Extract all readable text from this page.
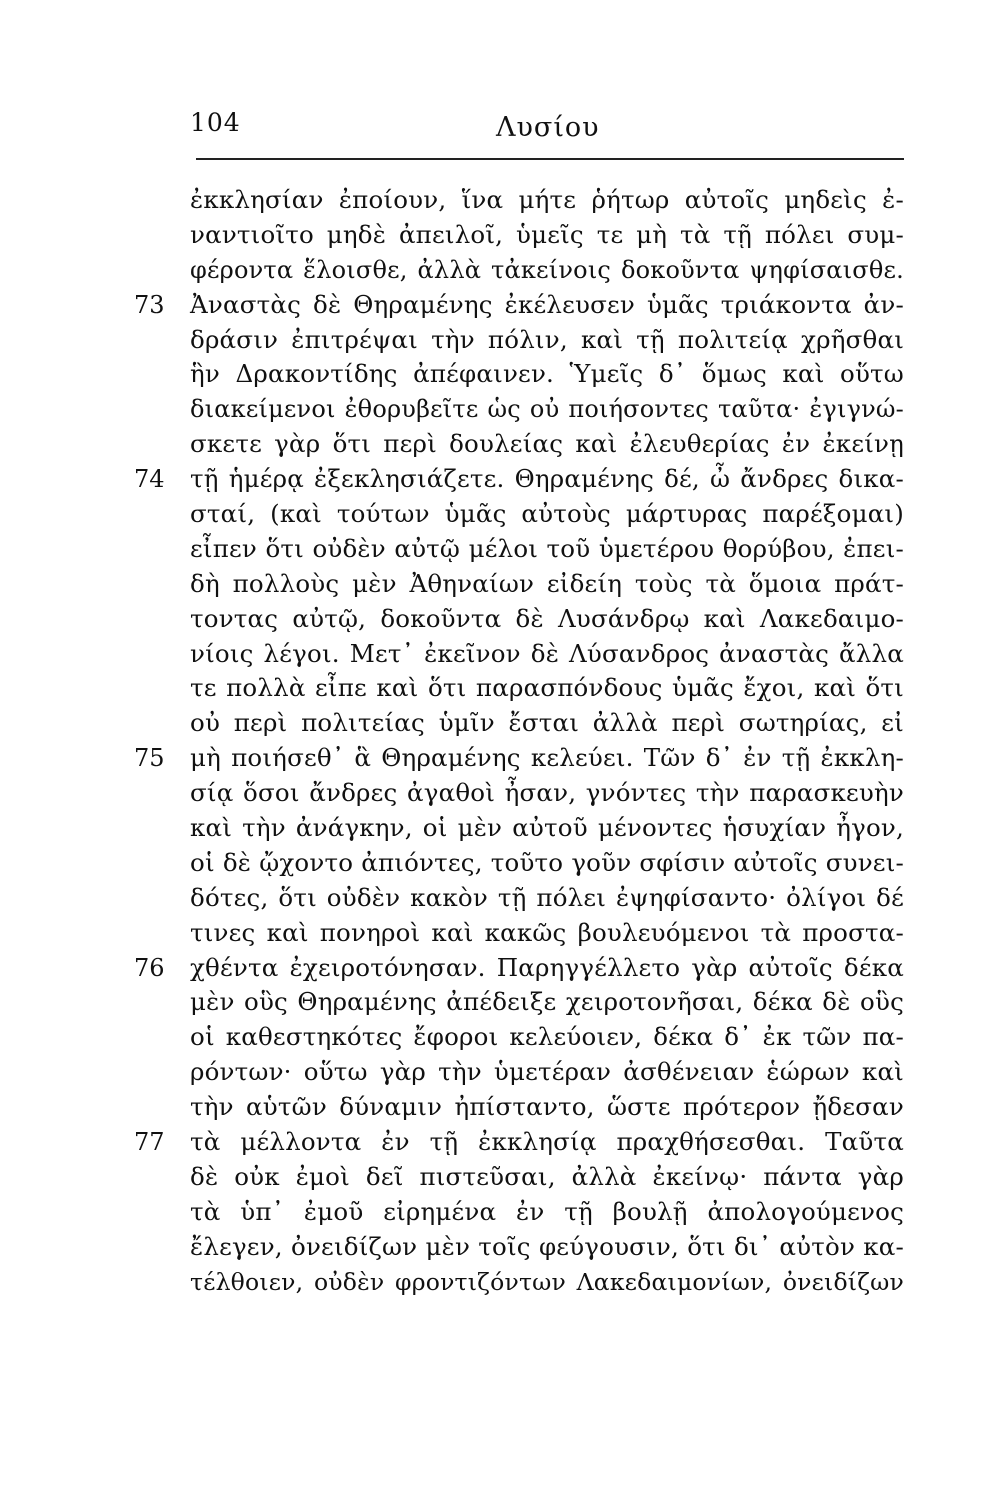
104	Λυσίου
ἐκκλησίαν ἐποίουν, ἵνα μήτε ῥήτωρ αὐτοῖς μηδεὶς ἐ-
ναντιοῖτο μηδὲ ἀπειλοῖ, ὑμεῖς τε μὴ τὰ τῇ πόλει συμ-
φέροντα ἕλοισθε, ἀλλὰ τἀκείνοις δοκοῦντα ψηφίσαισθε.
73	Ἀναστὰς δὲ Θηραμένης ἐκέλευσεν ὑμᾶς τριάκοντα ἀν-
δράσιν ἐπιτρέψαι τὴν πόλιν, καὶ τῇ πολιτείᾳ χρῆσθαι
ἣν Δρακοντίδης ἀπέφαινεν. Ὑμεῖς δ᾽ ὅμως καὶ οὕτω
διακείμενοι ἐθορυβεῖτε ὡς οὐ ποιήσοντες ταῦτα· ἐγιγνώ-
σκετε γὰρ ὅτι περὶ δουλείας καὶ ἐλευθερίας ἐν ἐκείνῃ
74	τῇ ἡμέρᾳ ἐξεκλησιάζετε. Θηραμένης δέ, ὦ ἄνδρες δικα-
σταί, (καὶ τούτων ὑμᾶς αὐτοὺς μάρτυρας παρέξομαι)
εἶπεν ὅτι οὐδὲν αὐτῷ μέλοι τοῦ ὑμετέρου θορύβου, ἐπει-
δὴ πολλοὺς μὲν Ἀθηναίων εἰδείη τοὺς τὰ ὅμοια πράτ-
τοντας αὐτῷ, δοκοῦντα δὲ Λυσάνδρῳ καὶ Λακεδαιμο-
νίοις λέγοι. Μετ᾽ ἐκεῖνον δὲ Λύσανδρος ἀναστὰς ἄλλα
τε πολλὰ εἶπε καὶ ὅτι παρασπόνδους ὑμᾶς ἔχοι, καὶ ὅτι
οὐ περὶ πολιτείας ὑμῖν ἔσται ἀλλὰ περὶ σωτηρίας, εἰ
75	μὴ ποιήσεθ᾽ ἃ Θηραμένης κελεύει. Τῶν δ᾽ ἐν τῇ ἐκκλη-
σίᾳ ὅσοι ἄνδρες ἀγαθοὶ ἦσαν, γνόντες τὴν παρασκευὴν
καὶ τὴν ἀνάγκην, οἱ μὲν αὐτοῦ μένοντες ἡσυχίαν ἦγον,
οἱ δὲ ᾤχοντο ἀπιόντες, τοῦτο γοῦν σφίσιν αὐτοῖς συνει-
δότες, ὅτι οὐδὲν κακὸν τῇ πόλει ἐψηφίσαντο· ὀλίγοι δέ
τινες καὶ πονηροὶ καὶ κακῶς βουλευόμενοι τὰ προστα-
76	χθέντα ἐχειροτόνησαν. Παρηγγέλλετο γὰρ αὐτοῖς δέκα
μὲν οὓς Θηραμένης ἀπέδειξε χειροτονῆσαι, δέκα δὲ οὓς
οἱ καθεστηκότες ἔφοροι κελεύοιεν, δέκα δ᾽ ἐκ τῶν πα-
ρόντων· οὕτω γὰρ τὴν ὑμετέραν ἀσθένειαν ἑώρων καὶ
τὴν αὑτῶν δύναμιν ἠπίσταντο, ὥστε πρότερον ᾔδεσαν
77	τὰ μέλλοντα ἐν τῇ ἐκκλησίᾳ πραχθήσεσθαι. Ταῦτα
δὲ οὐκ ἐμοὶ δεῖ πιστεῦσαι, ἀλλὰ ἐκείνῳ· πάντα γὰρ
τὰ ὑπ᾽ ἐμοῦ εἰρημένα ἐν τῇ βουλῇ ἀπολογούμενος
ἔλεγεν, ὀνειδίζων μὲν τοῖς φεύγουσιν, ὅτι δι᾽ αὐτὸν κα-
τέλθοιεν, οὐδὲν φροντιζόντων Λακεδαιμονίων, ὀνειδίζων
